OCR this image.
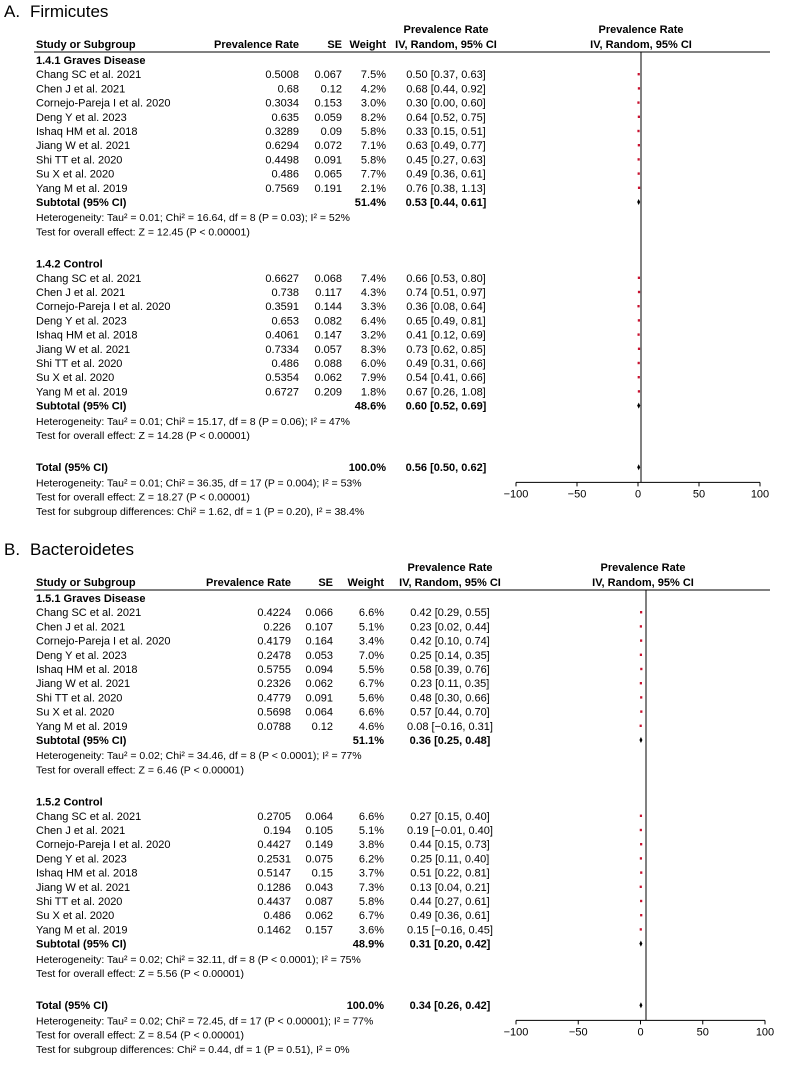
A. Firmicutes
Prevalence Rate	Prevalence Rate
Study or Subgroup	Prevalence Rate	SE Weight IV, Random, 95% CI	IV, Random, 95% CI
1.4.1 Graves Disease
Chang SC et al. 2021	0.5008 0.067 7.5% 0.50 [0.37, 0.63]
Chen J et al. 2021	0.68 0.12 4.2% 0.68 [0.44, 0.92]
Cornejo-Pareja I et al. 2020	0.3034 0.153 3.0% 0.30 [0.00, 0.60]
Deng Y et al. 2023	0.635 0.059 8.2% 0.64 [0.52, 0.75]
Ishaq HM et al. 2018	0.3289 0.09 5.8% 0.33 [0.15, 0.51]
Jiang W et al. 2021	0.6294 0.072 7.1% 0.63 [0.49, 0.77]
Shi TT et al. 2020	0.4498 0.091 5.8% 0.45 [0.27, 0.63]
Su X et al. 2020	0.486 0.065 7.7% 0.49 [0.36, 0.61]
Yang M et al. 2019	0.7569 0.191 2.1% 0.76 [0.38, 1.13]
Subtotal (95% CI)	51.4% 0.53 [0.44, 0.61]
Heterogeneity: Tau² = 0.01; Chi² = 16.64, df = 8 (P = 0.03); I² = 52%
Test for overall effect: Z = 12.45 (P < 0.00001)
1.4.2 Control
Chang SC et al. 2021	0.6627 0.068 7.4% 0.66 [0.53, 0.80]
Chen J et al. 2021	0.738 0.117 4.3% 0.74 [0.51, 0.97]
Cornejo-Pareja I et al. 2020	0.3591 0.144 3.3% 0.36 [0.08, 0.64]
Deng Y et al. 2023	0.653 0.082 6.4% 0.65 [0.49, 0.81]
Ishaq HM et al. 2018	0.4061 0.147 3.2% 0.41 [0.12, 0.69]
Jiang W et al. 2021	0.7334 0.057 8.3% 0.73 [0.62, 0.85]
Shi TT et al. 2020	0.486 0.088 6.0% 0.49 [0.31, 0.66]
Su X et al. 2020	0.5354 0.062 7.9% 0.54 [0.41, 0.66]
Yang M et al. 2019	0.6727 0.209 1.8% 0.67 [0.26, 1.08]
Subtotal (95% CI)	48.6% 0.60 [0.52, 0.69]
Heterogeneity: Tau² = 0.01; Chi² = 15.17, df = 8 (P = 0.06); I² = 47%
Test for overall effect: Z = 14.28 (P < 0.00001)
Total (95% CI)	100.0% 0.56 [0.50, 0.62]
Heterogeneity: Tau² = 0.01; Chi² = 36.35, df = 17 (P = 0.004); I² = 53%
Test for overall effect: Z = 18.27 (P < 0.00001)
Test for subgroup differences: Chi² = 1.62, df = 1 (P = 0.20), I² = 38.4%
−100	−50	0	50	100
B. Bacteroidetes
Prevalence Rate	Prevalence Rate
Study or Subgroup	Prevalence Rate SE Weight IV, Random, 95% CI	IV, Random, 95% CI
1.5.1 Graves Disease
Chang SC et al. 2021	0.4224 0.066 6.6% 0.42 [0.29, 0.55]
Chen J et al. 2021	0.226 0.107 5.1% 0.23 [0.02, 0.44]
Cornejo-Pareja I et al. 2020	0.4179 0.164 3.4% 0.42 [0.10, 0.74]
Deng Y et al. 2023	0.2478 0.053 7.0% 0.25 [0.14, 0.35]
Ishaq HM et al. 2018	0.5755 0.094 5.5% 0.58 [0.39, 0.76]
Jiang W et al. 2021	0.2326 0.062 6.7% 0.23 [0.11, 0.35]
Shi TT et al. 2020	0.4779 0.091 5.6% 0.48 [0.30, 0.66]
Su X et al. 2020	0.5698 0.064 6.6% 0.57 [0.44, 0.70]
Yang M et al. 2019	0.0788 0.12 4.6% 0.08 [−0.16, 0.31]
Subtotal (95% CI)	51.1% 0.36 [0.25, 0.48]
Heterogeneity: Tau² = 0.02; Chi² = 34.46, df = 8 (P < 0.0001); I² = 77%
Test for overall effect: Z = 6.46 (P < 0.00001)
1.5.2 Control
Chang SC et al. 2021	0.2705 0.064 6.6% 0.27 [0.15, 0.40]
Chen J et al. 2021	0.194 0.105 5.1% 0.19 [−0.01, 0.40]
Cornejo-Pareja I et al. 2020	0.4427 0.149 3.8% 0.44 [0.15, 0.73]
Deng Y et al. 2023	0.2531 0.075 6.2% 0.25 [0.11, 0.40]
Ishaq HM et al. 2018	0.5147 0.15 3.7% 0.51 [0.22, 0.81]
Jiang W et al. 2021	0.1286 0.043 7.3% 0.13 [0.04, 0.21]
Shi TT et al. 2020	0.4437 0.087 5.8% 0.44 [0.27, 0.61]
Su X et al. 2020	0.486 0.062 6.7% 0.49 [0.36, 0.61]
Yang M et al. 2019	0.1462 0.157 3.6% 0.15 [−0.16, 0.45]
Subtotal (95% CI)	48.9% 0.31 [0.20, 0.42]
Heterogeneity: Tau² = 0.02; Chi² = 32.11, df = 8 (P < 0.0001); I² = 75%
Test for overall effect: Z = 5.56 (P < 0.00001)
Total (95% CI)	100.0% 0.34 [0.26, 0.42]
Heterogeneity: Tau² = 0.02; Chi² = 72.45, df = 17 (P < 0.00001); I² = 77%
Test for overall effect: Z = 8.54 (P < 0.00001)
Test for subgroup differences: Chi² = 0.44, df = 1 (P = 0.51), I² = 0%
−100	−50	0	50	100
